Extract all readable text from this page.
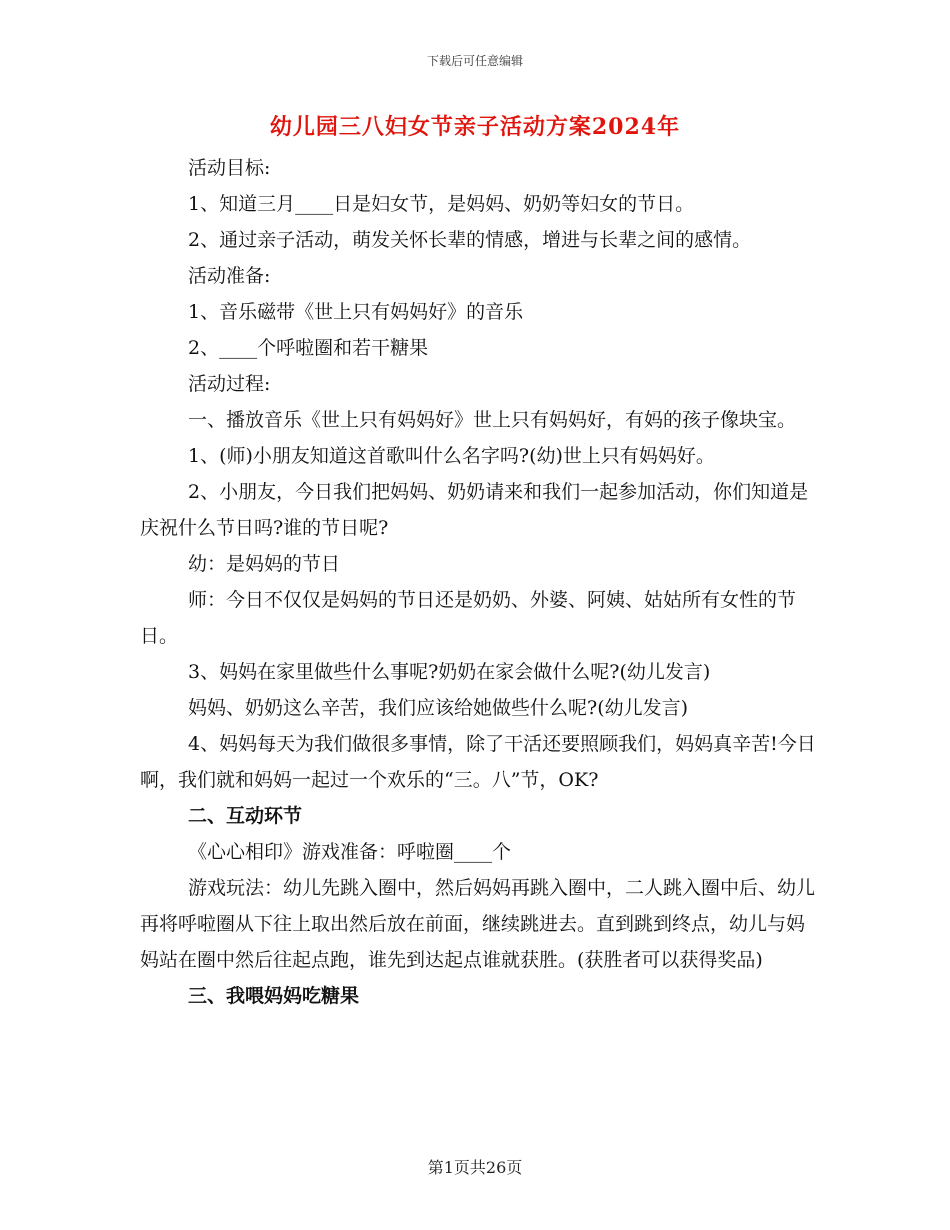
下载后可任意编辑
幼儿园三八妇女节亲子活动方案2024年

活动目标:

1、知道三月____日是妇女节，是妈妈、奶奶等妇女的节日。

2、通过亲子活动，萌发关怀长辈的情感，增进与长辈之间的感情。

活动准备:

1、音乐磁带《世上只有妈妈好》的音乐

2、____个呼啦圈和若干糖果

活动过程:

一、播放音乐《世上只有妈妈好》世上只有妈妈好，有妈的孩子像块宝。

1、(师)小朋友知道这首歌叫什么名字吗?(幼)世上只有妈妈好。

2、小朋友，今日我们把妈妈、奶奶请来和我们一起参加活动，你们知道是庆祝什么节日吗?谁的节日呢?

幼：是妈妈的节日

师：今日不仅仅是妈妈的节日还是奶奶、外婆、阿姨、姑姑所有女性的节日。

3、妈妈在家里做些什么事呢?奶奶在家会做什么呢?(幼儿发言)

妈妈、奶奶这么辛苦，我们应该给她做些什么呢?(幼儿发言)

4、妈妈每天为我们做很多事情，除了干活还要照顾我们，妈妈真辛苦!今日啊，我们就和妈妈一起过一个欢乐的“三。八”节，OK?

二、互动环节

《心心相印》游戏准备：呼啦圈____个

游戏玩法：幼儿先跳入圈中，然后妈妈再跳入圈中，二人跳入圈中后、幼儿再将呼啦圈从下往上取出然后放在前面，继续跳进去。直到跳到终点，幼儿与妈妈站在圈中然后往起点跑，谁先到达起点谁就获胜。(获胜者可以获得奖品)

三、我喂妈妈吃糖果

第1页共26页
